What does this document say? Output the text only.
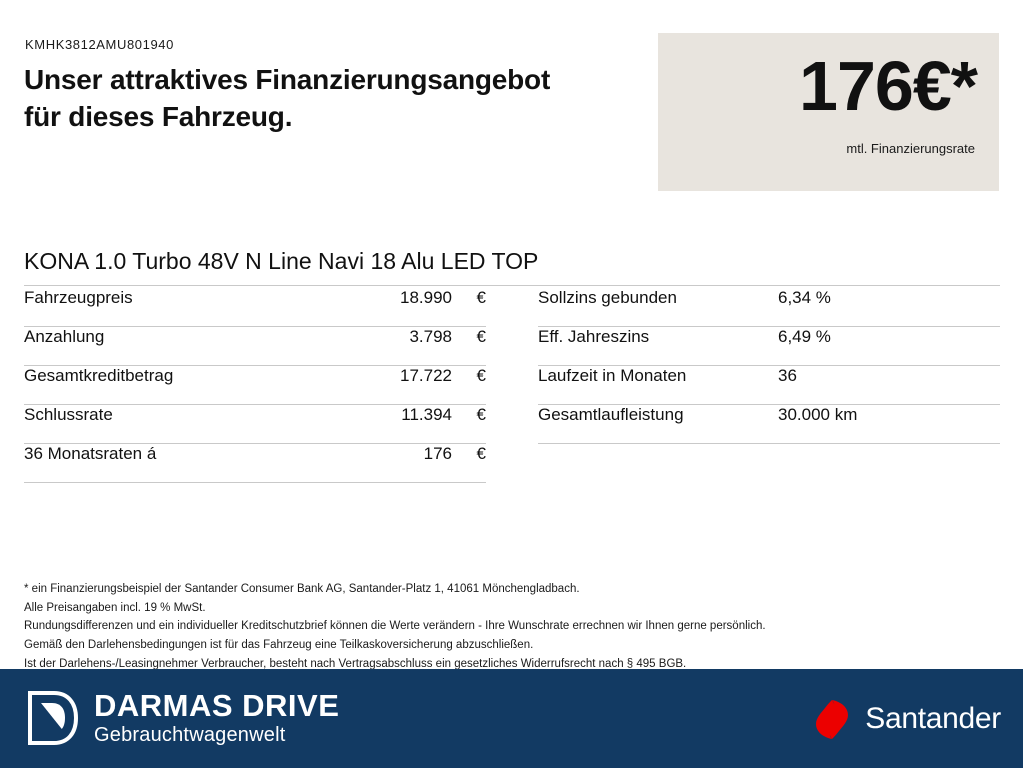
KMHK3812AMU801940
Unser attraktives Finanzierungsangebot
für dieses Fahrzeug.	176€*
mtl. Finanzierungsrate
KONA 1.0 Turbo 48V N Line Navi 18 Alu LED TOP
Fahrzeugpreis	18.990	€
Anzahlung	3.798	€
Gesamtkreditbetrag	17.722	€
Schlussrate	11.394	€
36 Monatsraten á	176	€
Sollzins gebunden	6,34 %
Eff. Jahreszins	6,49 %
Laufzeit in Monaten	36
Gesamtlaufleistung	30.000 km
* ein Finanzierungsbeispiel der Santander Consumer Bank AG, Santander-Platz 1, 41061 Mönchengladbach.
Alle Preisangaben incl. 19 % MwSt.
Rundungsdifferenzen und ein individueller Kreditschutzbrief können die Werte verändern - Ihre Wunschrate errechnen wir Ihnen gerne persönlich.
Gemäß den Darlehensbedingungen ist für das Fahrzeug eine Teilkaskoversicherung abzuschließen.
Ist der Darlehens-/Leasingnehmer Verbraucher, besteht nach Vertragsabschluss ein gesetzliches Widerrufsrecht nach § 495 BGB.
DARMAS DRIVE
Gebrauchtwagenwelt
Santander
